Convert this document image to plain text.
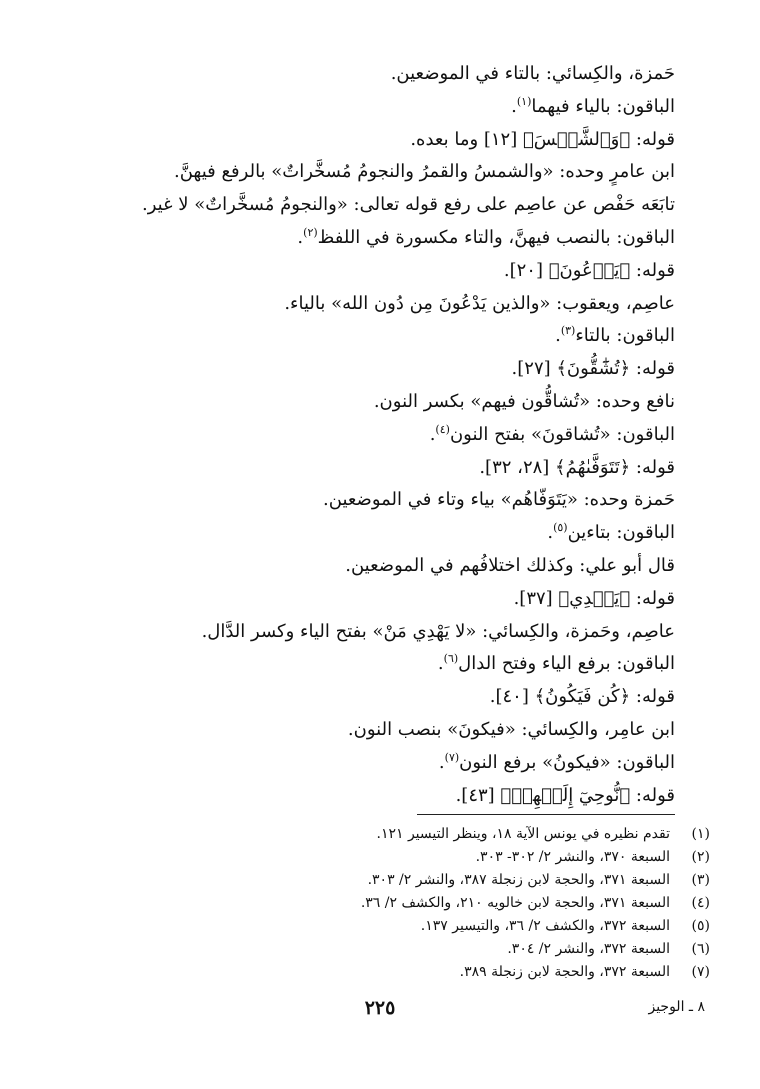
حَمزة، والكِسائي: بالتاء في الموضعين.
الباقون: بالياء فيهما$^{(١)}$.
قوله: ﴿وَٱلشَّمۡسَ﴾ [١٢] وما بعده.
ابن عامرٍ وحده: «والشمسُ والقمرُ والنجومُ مُسخَّراتٌ» بالرفع فيهنَّ.
تابَعَه حَفْص عن عاصِم على رفع قوله تعالى: «والنجومُ مُسخَّراتٌ» لا غير.
الباقون: بالنصب فيهنَّ، والتاء مكسورة في اللفظ$^{(٢)}$.
قوله: ﴿يَدۡعُونَ﴾ [٢٠].
عاصِم، ويعقوب: «والذين يَدْعُونَ مِن دُون الله» بالياء.
الباقون: بالتاء$^{(٣)}$.
قوله: ﴿تُشَٰٓقُّونَ﴾ [٢٧].
نافع وحده: «تُشاقُّون فيهم» بكسر النون.
الباقون: «تُشاقونَ» بفتح النون$^{(٤)}$.
قوله: ﴿تَتَوَفَّىٰهُمُ﴾ [٢٨، ٣٢].
حَمزة وحده: «يَتَوَفّاهُم» بياء وتاء في الموضعين.
الباقون: بتاءين$^{(٥)}$.
قال أبو علي: وكذلك اختلافُهم في الموضعين.
قوله: ﴿يَهۡدِي﴾ [٣٧].
عاصِم، وحَمزة، والكِسائي: «لا يَهْدِي مَنْ» بفتح الياء وكسر الدَّال.
الباقون: برفع الياء وفتح الدال$^{(٦)}$.
قوله: ﴿كُن فَيَكُونُ﴾ [٤٠].
ابن عامِر، والكِسائي: «فيكونَ» بنصب النون.
الباقون: «فيكونُ» برفع النون$^{(٧)}$.
قوله: ﴿نُّوحِيٓ إِلَيۡهِمۡ﴾ [٤٣].
(١)
تقدم نظيره في يونس الآية ١٨، وينظر التيسير ١٢١.
(٢)
السبعة ٣٧٠، والنشر ٢/ ٣٠٢- ٣٠٣.
(٣)
السبعة ٣٧١، والحجة لابن زنجلة ٣٨٧، والنشر ٢/ ٣٠٣.
(٤)
السبعة ٣٧١، والحجة لابن خالويه ٢١٠، والكشف ٢/ ٣٦.
(٥)
السبعة ٣٧٢، والكشف ٢/ ٣٦، والتيسير ١٣٧.
(٦)
السبعة ٣٧٢، والنشر ٢/ ٣٠٤.
(٧)
السبعة ٣٧٢، والحجة لابن زنجلة ٣٨٩.
٢٢٥	٨ ـ الوجيز
